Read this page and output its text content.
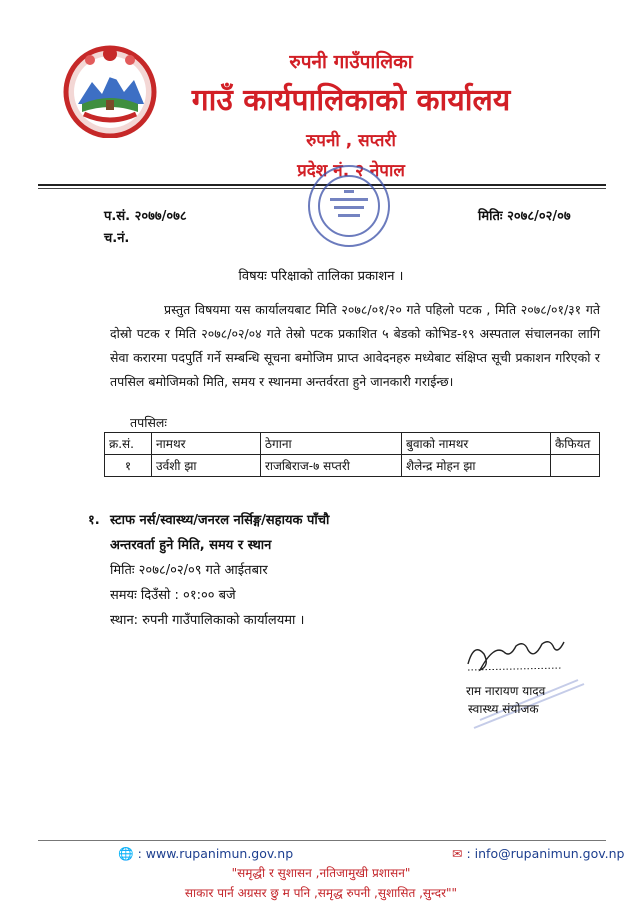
रुपनी गाउँपालिका
गाउँ कार्यपालिकाको कार्यालय
रुपनी , सप्तरी
प्रदेश नं. २ नेपाल
प.सं. २०७७/०७८
च.नं.
मितिः २०७८/०२/०७
विषयः परिक्षाको तालिका प्रकाशन ।
प्रस्तुत विषयमा यस कार्यालयबाट मिति २०७८/०१/२० गते पहिलो पटक , मिति २०७८/०१/३१ गते दोस्रो पटक र मिति २०७८/०२/०४ गते तेस्रो पटक प्रकाशित ५ बेडको कोभिड-१९ अस्पताल संचालनका लागि सेवा करारमा पदपुर्ति गर्ने सम्बन्धि सूचना बमोजिम प्राप्त आवेदनहरु मध्येबाट संक्षिप्त सूची प्रकाशन गरिएको र तपसिल बमोजिमको मिति, समय र स्थानमा अन्तर्वरता हुने जानकारी गराईन्छ।
तपसिलः
क्र.सं.	नामथर	ठेगाना	बुवाको नामथर	कैफियत
१	उर्वशी झा	राजबिराज-७ सप्तरी	शैलेन्द्र मोहन झा	
१. स्टाफ नर्स/स्वास्थ्य/जनरल नर्सिङ्ग/सहायक पाँचौ
अन्तरवर्ता हुने मिति, समय र स्थान
मितिः २०७८/०२/०९ गते आईतबार
समयः दिउँसो : ०१:०० बजे
स्थान: रुपनी गाउँपालिकाको कार्यालयमा ।
राम नारायण यादव
स्वास्थ्य संयोजक
🌐 : www.rupanimun.gov.np	✉ : info@rupanimun.gov.np
"समृद्धी र सुशासन ,नतिजामुखी प्रशासन"
साकार पार्न अग्रसर छु म पनि ,समृद्ध रुपनी ,सुशासित ,सुन्दर""
